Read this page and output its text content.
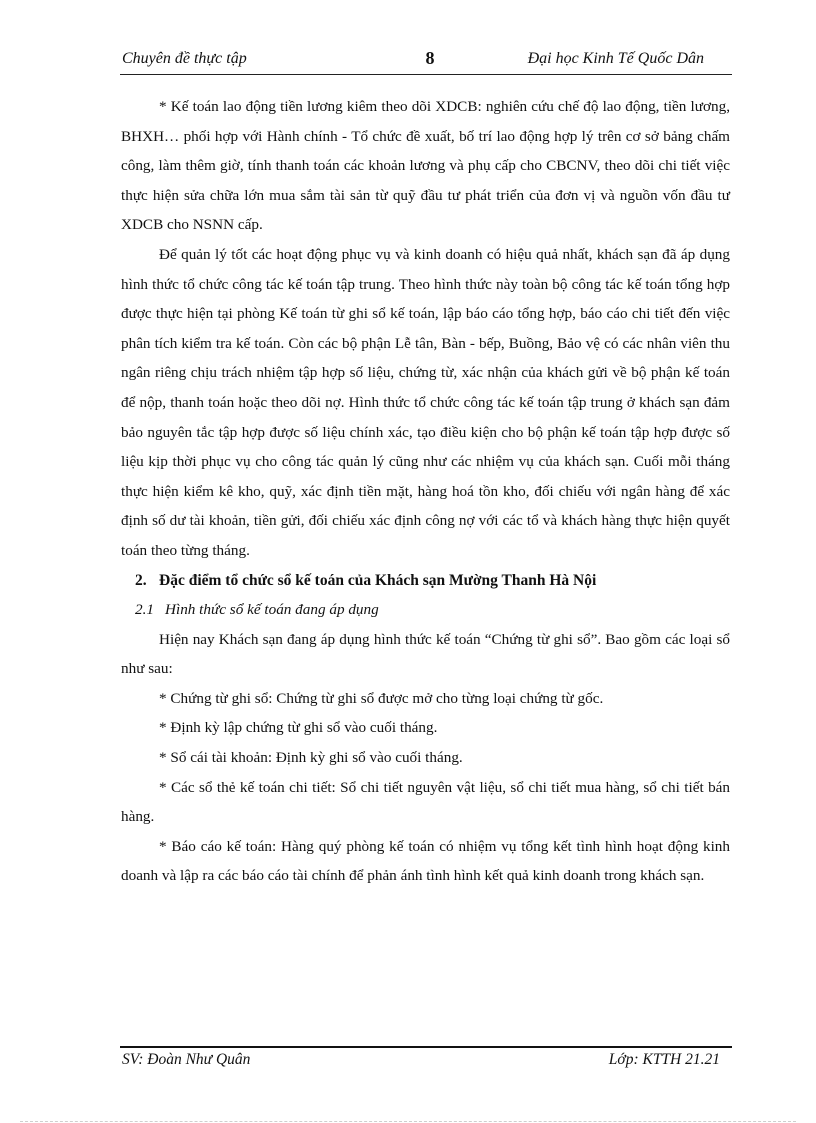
Chuyên đề thực tập	8	Đại học Kinh Tế Quốc Dân

* Kế toán lao động tiền lương kiêm theo dõi XDCB: nghiên cứu chế độ lao động, tiền lương, BHXH… phối hợp với Hành chính - Tổ chức đề xuất, bố trí lao động hợp lý trên cơ sở bảng chấm công, làm thêm giờ, tính thanh toán các khoản lương và phụ cấp cho CBCNV, theo dõi chi tiết việc thực hiện sửa chữa lớn mua sắm tài sản từ quỹ đầu tư phát triển của đơn vị và nguồn vốn đầu tư XDCB cho NSNN cấp.

Để quản lý tốt các hoạt động phục vụ và kinh doanh có hiệu quả nhất, khách sạn đã áp dụng hình thức tổ chức công tác kế toán tập trung. Theo hình thức này toàn bộ công tác kế toán tổng hợp được thực hiện tại phòng Kế toán từ ghi sổ kế toán, lập báo cáo tổng hợp, báo cáo chi tiết đến việc phân tích kiểm tra kế toán. Còn các bộ phận Lễ tân, Bàn - bếp, Buồng, Bảo vệ có các nhân viên thu ngân riêng chịu trách nhiệm tập hợp số liệu, chứng từ, xác nhận của khách gửi về bộ phận kế toán để nộp, thanh toán hoặc theo dõi nợ. Hình thức tổ chức công tác kế toán tập trung ở khách sạn đảm bảo nguyên tắc tập hợp được số liệu chính xác, tạo điều kiện cho bộ phận kế toán tập hợp được số liệu kịp thời phục vụ cho công tác quản lý cũng như các nhiệm vụ của khách sạn. Cuối mỗi tháng thực hiện kiểm kê kho, quỹ, xác định tiền mặt, hàng hoá tồn kho, đối chiếu với ngân hàng để xác định số dư tài khoản, tiền gửi, đối chiếu xác định công nợ với các tổ và khách hàng thực hiện quyết toán theo từng tháng.

2. Đặc điểm tổ chức sổ kế toán của Khách sạn Mường Thanh Hà Nội
2.1 Hình thức sổ kế toán đang áp dụng

Hiện nay Khách sạn đang áp dụng hình thức kế toán “Chứng từ ghi sổ”. Bao gồm các loại sổ như sau:

* Chứng từ ghi sổ: Chứng từ ghi sổ được mở cho từng loại chứng từ gốc.

* Định kỳ lập chứng từ ghi sổ vào cuối tháng.

* Sổ cái tài khoản: Định kỳ ghi sổ vào cuối tháng.

* Các sổ thẻ kế toán chi tiết: Sổ chi tiết nguyên vật liệu, sổ chi tiết mua hàng, sổ chi tiết bán hàng.

* Báo cáo kế toán: Hàng quý phòng kế toán có nhiệm vụ tổng kết tình hình hoạt động kinh doanh và lập ra các báo cáo tài chính để phản ánh tình hình kết quả kinh doanh trong khách sạn.

SV: Đoàn Như Quân	Lớp: KTTH 21.21
